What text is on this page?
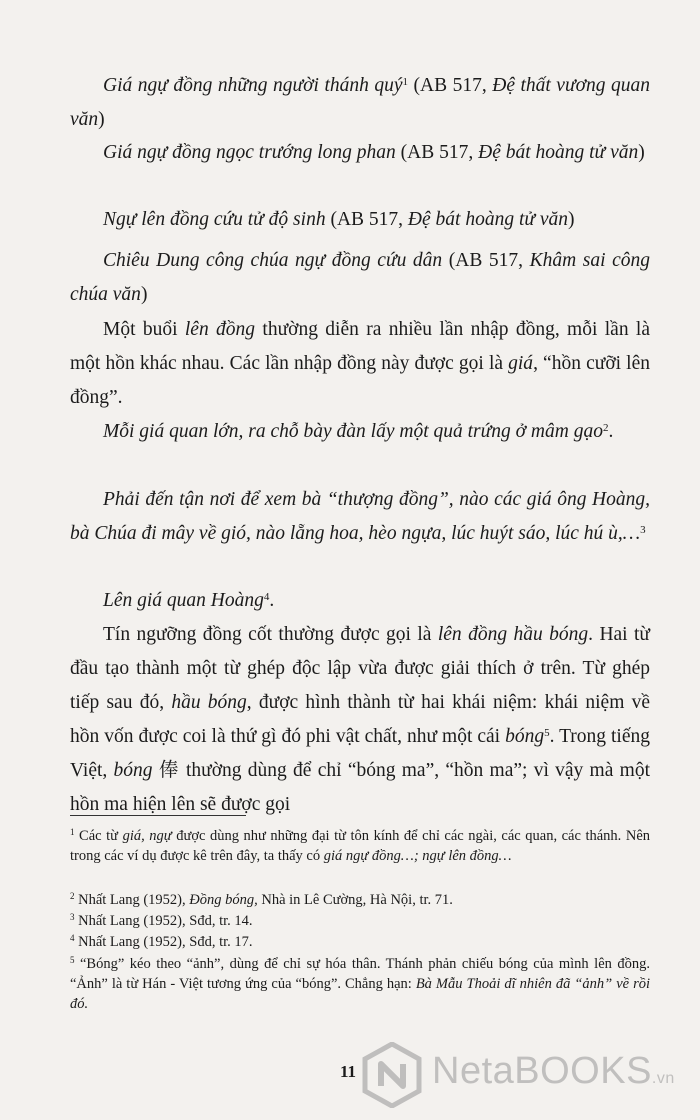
Giá ngự đồng những người thánh quý$^1$ (AB 517, Đệ thất vương quan văn)

Giá ngự đồng ngọc trướng long phan (AB 517, Đệ bát hoàng tử văn)

Ngự lên đồng cứu tử độ sinh (AB 517, Đệ bát hoàng tử văn)

Chiêu Dung công chúa ngự đồng cứu dân (AB 517, Khâm sai công chúa văn)

Một buổi lên đồng thường diễn ra nhiều lần nhập đồng, mỗi lần là một hồn khác nhau. Các lần nhập đồng này được gọi là giá, “hồn cưỡi lên đồng”.

Mỗi giá quan lớn, ra chỗ bày đàn lấy một quả trứng ở mâm gạo$^2$.

Phải đến tận nơi để xem bà “thượng đồng”, nào các giá ông Hoàng, bà Chúa đi mây về gió, nào lẵng hoa, hèo ngựa, lúc huýt sáo, lúc hú ù,…$^3$

Lên giá quan Hoàng$^4$.

Tín ngưỡng đồng cốt thường được gọi là lên đồng hầu bóng. Hai từ đầu tạo thành một từ ghép độc lập vừa được giải thích ở trên. Từ ghép tiếp sau đó, hầu bóng, được hình thành từ hai khái niệm: khái niệm về hồn vốn được coi là thứ gì đó phi vật chất, như một cái bóng$^5$. Trong tiếng Việt, bóng 俸 thường dùng để chỉ “bóng ma”, “hồn ma”; vì vậy mà một hồn ma hiện lên sẽ được gọi

$^1$ Các từ giá, ngự được dùng như những đại từ tôn kính để chỉ các ngài, các quan, các thánh. Nên trong các ví dụ được kê trên đây, ta thấy có giá ngự đồng…; ngự lên đồng…

$^2$ Nhất Lang (1952), Đồng bóng, Nhà in Lê Cường, Hà Nội, tr. 71.

$^3$ Nhất Lang (1952), Sđd, tr. 14.

$^4$ Nhất Lang (1952), Sđd, tr. 17.

$^5$ “Bóng” kéo theo “ảnh”, dùng để chỉ sự hóa thân. Thánh phản chiếu bóng của mình lên đồng. “Ảnh” là từ Hán - Việt tương ứng của “bóng”. Chẳng hạn: Bà Mẫu Thoải dĩ nhiên đã “ảnh” về rồi đó.

11 NetaBOOKS.vn
